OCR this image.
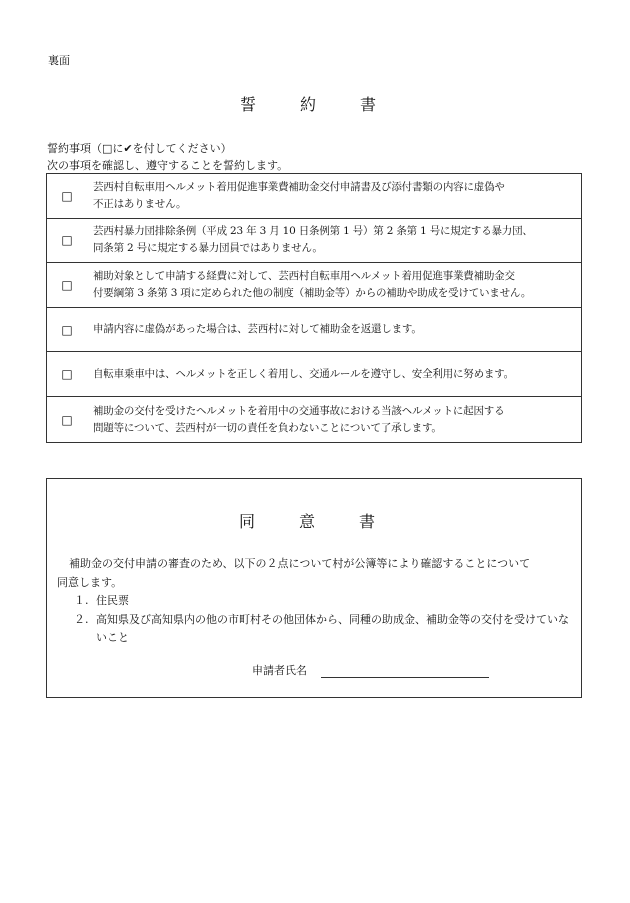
裏面
誓　約　書
誓約事項（□に✔を付してください）
次の事項を確認し、遵守することを誓約します。
□
芸西村自転車用ヘルメット着用促進事業費補助金交付申請書及び添付書類の内容に虚偽や
不正はありません。
□
芸西村暴力団排除条例（平成 23 年 3 月 10 日条例第 1 号）第 2 条第 1 号に規定する暴力団、
同条第 2 号に規定する暴力団員ではありません。
□
補助対象として申請する経費に対して、芸西村自転車用ヘルメット着用促進事業費補助金交
付要綱第 3 条第 3 項に定められた他の制度（補助金等）からの補助や助成を受けていません。
□	申請内容に虚偽があった場合は、芸西村に対して補助金を返還します。
□	自転車乗車中は、ヘルメットを正しく着用し、交通ルールを遵守し、安全利用に努めます。
□
補助金の交付を受けたヘルメットを着用中の交通事故における当該ヘルメットに起因する
問題等について、芸西村が一切の責任を負わないことについて了承します。
同　意　書
補助金の交付申請の審査のため、以下の２点について村が公簿等により確認することについて
同意します。
１. 住民票
２. 高知県及び高知県内の他の市町村その他団体から、同種の助成金、補助金等の交付を受けていないこと
申請者氏名
